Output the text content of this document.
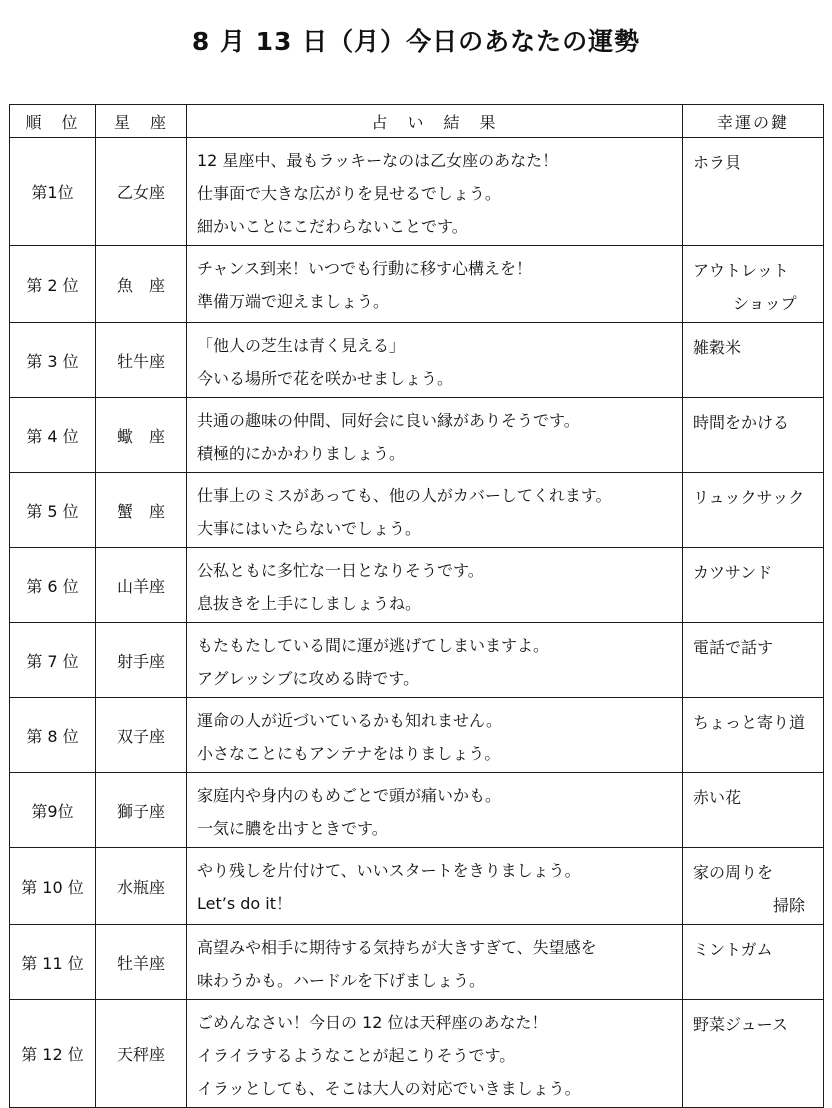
8 月 13 日（月）今日のあなたの運勢
順　位	星　座	占　い　結　果	幸運の鍵
第1位	乙女座	12 星座中、最もラッキーなのは乙女座のあなた！
仕事面で大きな広がりを見せるでしょう。
細かいことにこだわらないことです。	ホラ貝

第 2 位	魚　座	チャンス到来！いつでも行動に移す心構えを！
準備万端で迎えましょう。	アウトレット
ショップ

第 3 位	牡牛座	「他人の芝生は青く見える」
今いる場所で花を咲かせましょう。	雑穀米

第 4 位	蠍　座	共通の趣味の仲間、同好会に良い縁がありそうです。
積極的にかかわりましょう。	時間をかける

第 5 位	蟹　座	仕事上のミスがあっても、他の人がカバーしてくれます。
大事にはいたらないでしょう。	リュックサック

第 6 位	山羊座	公私ともに多忙な一日となりそうです。
息抜きを上手にしましょうね。	カツサンド

第 7 位	射手座	もたもたしている間に運が逃げてしまいますよ。
アグレッシブに攻める時です。	電話で話す

第 8 位	双子座	運命の人が近づいているかも知れません。
小さなことにもアンテナをはりましょう。	ちょっと寄り道

第9位	獅子座	家庭内や身内のもめごとで頭が痛いかも。
一気に膿を出すときです。	赤い花

第 10 位	水瓶座	やり残しを片付けて、いいスタートをきりましょう。
Let’s do it！	家の周りを
掃除

第 11 位	牡羊座	高望みや相手に期待する気持ちが大きすぎて、失望感を
味わうかも。ハードルを下げましょう。	ミントガム

第 12 位	天秤座	ごめんなさい！今日の 12 位は天秤座のあなた！
イライラするようなことが起こりそうです。
イラッとしても、そこは大人の対応でいきましょう。	野菜ジュース
